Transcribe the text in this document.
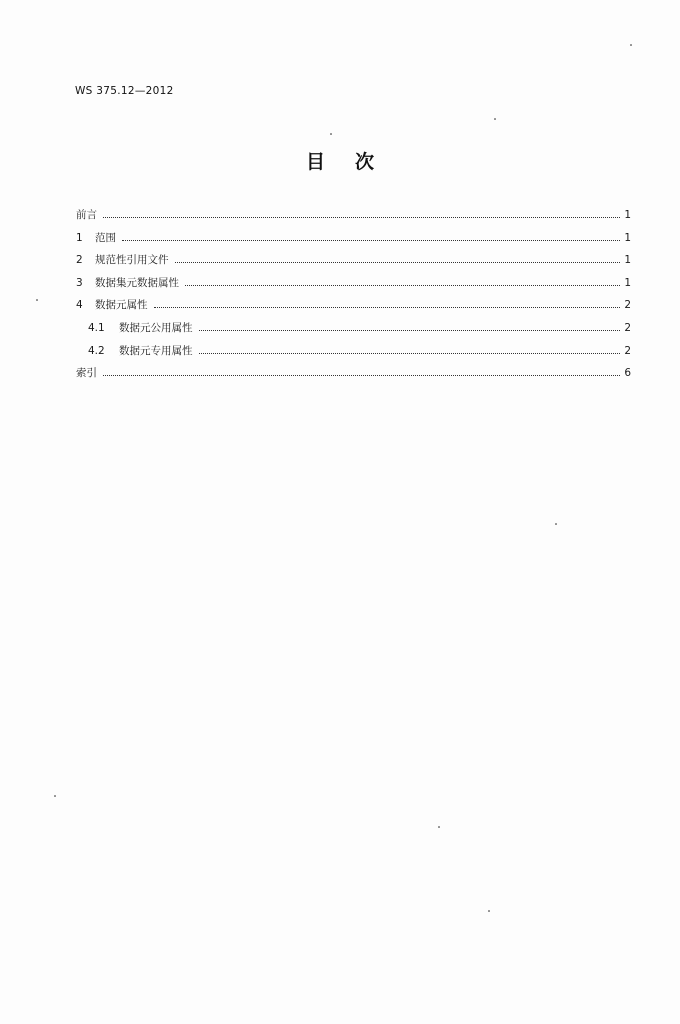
WS 375.12—2012
目次
前言	1
1	范围	1
2	规范性引用文件	1
3	数据集元数据属性	1
4	数据元属性	2
4.1	数据元公用属性	2
4.2	数据元专用属性	2
索引	6
